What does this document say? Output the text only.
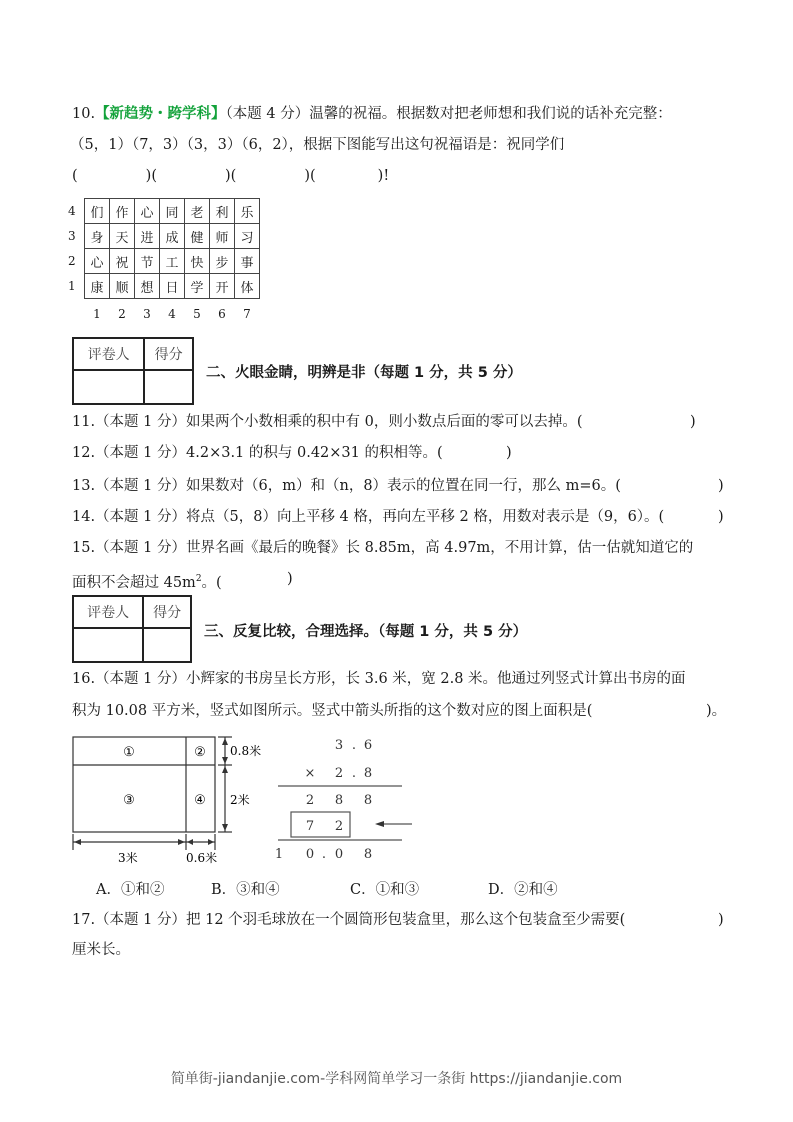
10.【新趋势・跨学科】（本题 4 分）温馨的祝福。根据数对把老师想和我们说的话补充完整：
（5，1）（7，3）（3，3）（6，2），根据下图能写出这句祝福语是：祝同学们
(	)(	)(	)(	)!
4	们	作	心	同	老	利	乐
3	身	天	进	成	健	师	习
2	心	祝	节	工	快	步	事
1	康	顺	想	日	学	开	体
	1	2	3	4	5	6	7
评卷人	得分

二、火眼金睛，明辨是非（每题 1 分，共 5 分）
11.（本题 1 分）如果两个小数相乘的积中有 0，则小数点后面的零可以去掉。(	)
12.（本题 1 分）4.2×3.1 的积与 0.42×31 的积相等。(	)
13.（本题 1 分）如果数对（6，m）和（n，8）表示的位置在同一行，那么 m=6。(	)
14.（本题 1 分）将点（5，8）向上平移 4 格，再向左平移 2 格，用数对表示是（9，6）。(	)
15.（本题 1 分）世界名画《最后的晚餐》长 8.85m，高 4.97m，不用计算，估一估就知道它的
面积不会超过 $45m^2$。(	)
评卷人	得分

三、反复比较，合理选择。（每题 1 分，共 5 分）
16.（本题 1 分）小辉家的书房呈长方形，长 3.6 米，宽 2.8 米。他通过列竖式计算出书房的面
积为 10.08 平方米，竖式如图所示。竖式中箭头所指的这个数对应的图上面积是(	)。
①	②
③	④
0.8米
2米
3米	0.6米
3 . 6
× 2 . 8
2 8 8
7 2
1 0 . 0 8
A．①和②	B．③和④	C．①和③	D．②和④
17.（本题 1 分）把 12 个羽毛球放在一个圆筒形包装盒里，那么这个包装盒至少需要(	)
厘米长。
简单街-jiandanjie.com-学科网简单学习一条街 https://jiandanjie.com
